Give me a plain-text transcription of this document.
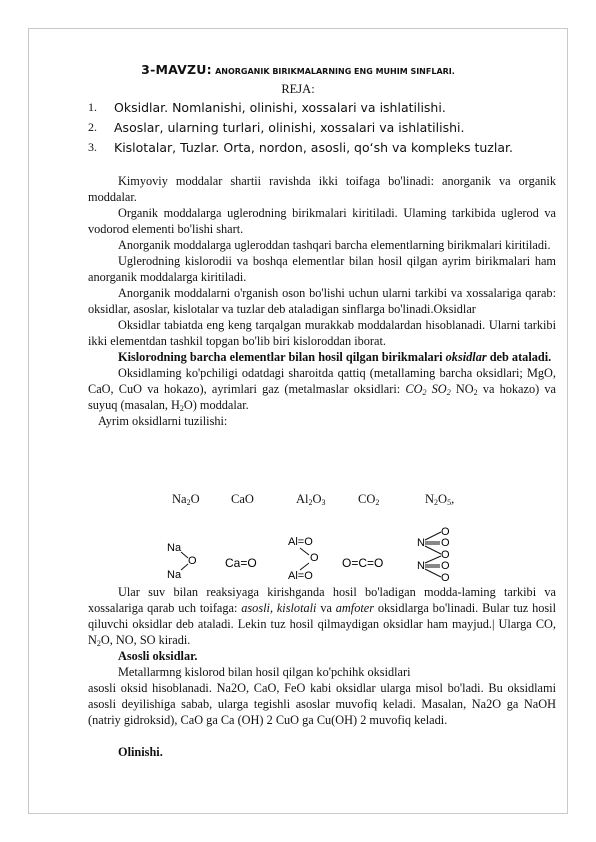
3-MAVZU: ANORGANIK BIRIKMALARNING ENG MUHIM SINFLARI.
REJA:
1. Oksidlar. Nomlanishi, olinishi, xossalari va ishlatilishi.
2. Asoslar, ularning turlari, olinishi, xossalari va ishlatilishi.
3. Kislotalar, Tuzlar. Orta, nordon, asosli, qo‘sh va kompleks tuzlar.

Kimyoviy moddalar shartii ravishda ikki toifaga bo'linadi: anorganik va organik moddalar.

Organik moddalarga uglerodning birikmalari kiritiladi. Ulaming tarkibida uglerod va vodorod elementi bo'lishi shart.

Anorganik moddalarga ugleroddan tashqari barcha elementlarning birikmalari kiritiladi.

Uglerodning kislorodii va boshqa elementlar bilan hosil qilgan ayrim birikmalari ham anorganik moddalarga kiritiladi.

Anorganik moddalarni o'rganish oson bo'lishi uchun ularni tarkibi va xossalariga qarab: oksidlar, asoslar, kislotalar va tuzlar deb ataladigan sinflarga bo'linadi.Oksidlar

Oksidlar tabiatda eng keng tarqalgan murakkab moddalardan hisoblanadi. Ularni tarkibi ikki elementdan tashkil topgan bo'lib biri kisloroddan iborat.

Kislorodning barcha elementlar bilan hosil qilgan birikmalari oksidlar deb ataladi.

Oksidlaming ko'pchiligi odatdagi sharoitda qattiq (metallaming barcha oksidlari; MgO, CaO, CuO va hokazo), ayrimlari gaz (metalmaslar oksidlari: $CO_2$ $SO_2$ $NO_2$ va hokazo) va suyuq (masalan, $H_2O$) moddalar.

Ayrim oksidlarni tuzilishi:

$Na_2O$	CaO	$Al_2O_3$	$CO_2$	$N_2O_5$,
Na
O
Na
Ca=O
Al=O
O
Al=O
O=C=O
O
N O
O
N O
O

Ular suv bilan reaksiyaga kirishganda hosil bo'ladigan modda-laming tarkibi va xossalariga qarab uch toifaga: asosli, kislotali va amfoter oksidlarga bo'linadi. Bular tuz hosil qiluvchi oksidlar deb ataladi. Lekin tuz hosil qilmaydigan oksidlar ham mayjud.| Ularga CO, $N_2O$, NO, SO kiradi.

Asosli oksidlar.

Metallarmng kislorod bilan hosil qilgan ko'pchihk oksidlari

asosli oksid hisoblanadi. Na2O, CaO, FeO kabi oksidlar ularga misol bo'ladi. Bu oksidlami asosli deyilishiga sabab, ularga tegishli asoslar muvofiq keladi. Masalan, Na2O ga NaOH (natriy gidroksid), CaO ga Ca (OH) 2 CuO ga Cu(OH) 2 muvofiq keladi.

Olinishi.
